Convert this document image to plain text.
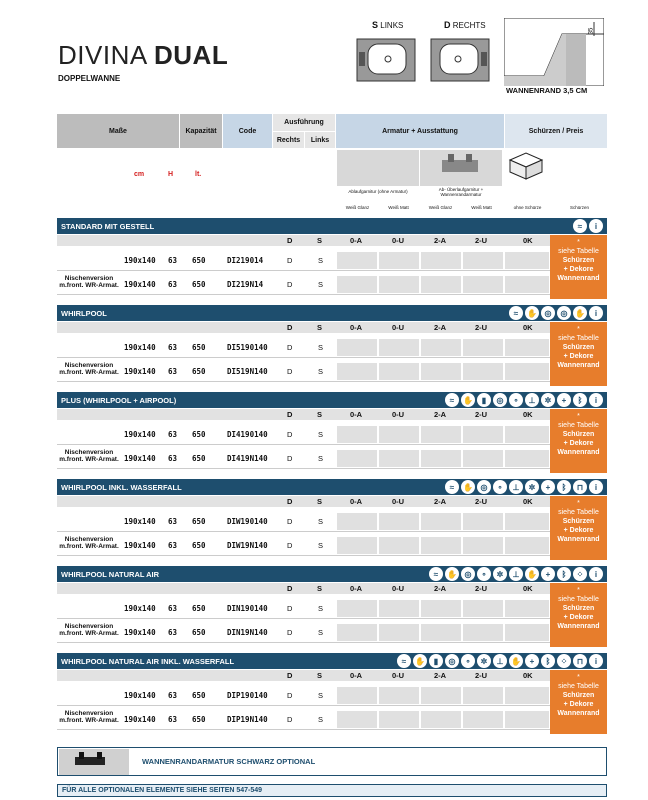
DIVINA DUAL
DOPPELWANNE
S LINKS	D RECHTS
35
WANNENRAND 3,5 CM
Maße	Kapazität	Code
Ausführung
Rechts	Links
Armatur + Ausstattung	Schürzen / Preis
cm	H	lt.
Ablaufgarnitur (ohne Armatur)	Ab- Überlaufgarnitur + Wannenrandarmatur
Weiß Glanz	Weiß Matt	Weiß Glanz	Weiß Matt	ohne Schürze	Schürzen
STANDARD MIT GESTELL	≈	i
D	S	0-A	0-U	2-A	2-U	0K
190x140 63 650	DI219014	D	S
Nischenversion
m.front. WR-Armat. 190x140 63 650	DI219N14	D	S
*
siehe Tabelle
Schürzen
+ Dekore
Wannenrand
WHIRLPOOL	≈	✋ ◎	◎ ✋	i
D	S	0-A	0-U	2-A	2-U	0K
190x140 63 650	DI5190140	D	S
Nischenversion
m.front. WR-Armat. 190x140 63 650	DI519N140	D	S
*
siehe Tabelle
Schürzen
+ Dekore
Wannenrand
PLUS (WHIRLPOOL + AIRPOOL)	≈	✋	▮	◎	∘	⊥	✲	+	ᛒ	i
D	S	0-A	0-U	2-A	2-U	0K
190x140 63 650	DI4190140	D	S
Nischenversion
m.front. WR-Armat. 190x140 63 650	DI419N140	D	S
*
siehe Tabelle
Schürzen
+ Dekore
Wannenrand
WHIRLPOOL INKL. WASSERFALL	≈	✋ ◎	∘	⊥	✲	+	ᛒ	⊓	i
D	S	0-A	0-U	2-A	2-U	0K
190x140 63 650	DIW190140	D	S
Nischenversion
m.front. WR-Armat. 190x140 63 650	DIW19N140	D	S
*
siehe Tabelle
Schürzen
+ Dekore
Wannenrand
WHIRLPOOL NATURAL AIR	≈	✋ ◎	∘	✲	⊥ ✋	+	ᛒ	⁘	i
D	S	0-A	0-U	2-A	2-U	0K
190x140 63 650	DIN190140	D	S
Nischenversion
m.front. WR-Armat. 190x140 63 650	DIN19N140	D	S
*
siehe Tabelle
Schürzen
+ Dekore
Wannenrand
WHIRLPOOL NATURAL AIR INKL. WASSERFALL	≈	✋	▮	◎	∘	✲	⊥ ✋	+	ᛒ	⁘	⊓	i
D	S	0-A	0-U	2-A	2-U	0K
190x140 63 650	DIP190140	D	S
Nischenversion
m.front. WR-Armat. 190x140 63 650	DIP19N140	D	S
*
siehe Tabelle
Schürzen
+ Dekore
Wannenrand
WANNENRANDARMATUR SCHWARZ OPTIONAL
FÜR ALLE OPTIONALEN ELEMENTE SIEHE SEITEN 547-549
